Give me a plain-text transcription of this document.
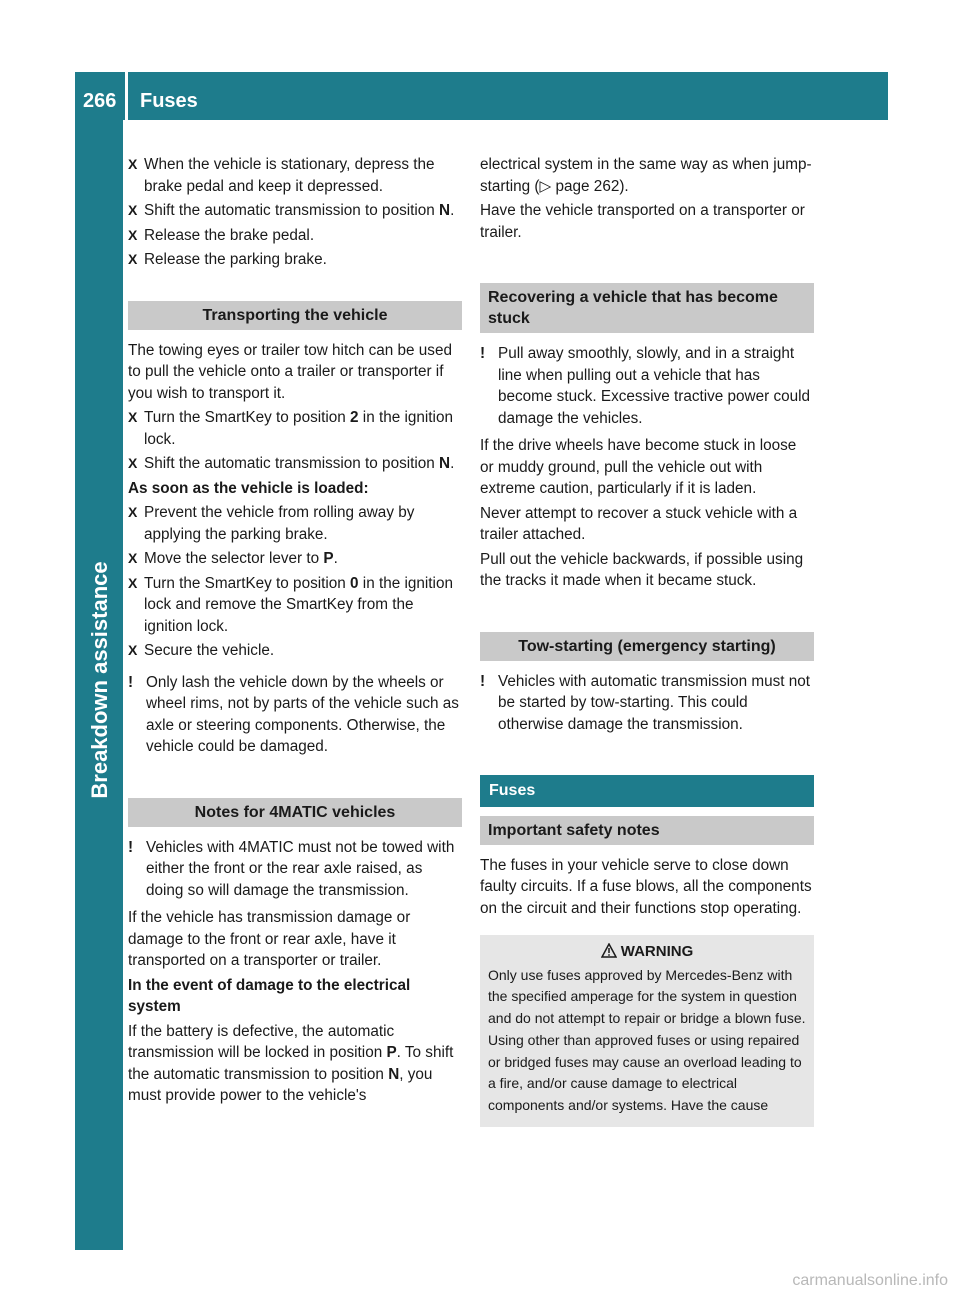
266 Fuses
Breakdown assistance
X When the vehicle is stationary, depress the brake pedal and keep it depressed.
X Shift the automatic transmission to position N.
X Release the brake pedal.
X Release the parking brake.
Transporting the vehicle

The towing eyes or trailer tow hitch can be used to pull the vehicle onto a trailer or transporter if you wish to transport it.

X Turn the SmartKey to position 2 in the ignition lock.
X Shift the automatic transmission to position N.

As soon as the vehicle is loaded:

X Prevent the vehicle from rolling away by applying the parking brake.
X Move the selector lever to P.
X Turn the SmartKey to position 0 in the ignition lock and remove the SmartKey from the ignition lock.
X Secure the vehicle.
! Only lash the vehicle down by the wheels or wheel rims, not by parts of the vehicle such as axle or steering components. Otherwise, the vehicle could be damaged.
Notes for 4MATIC vehicles
! Vehicles with 4MATIC must not be towed with either the front or the rear axle raised, as doing so will damage the transmission.

If the vehicle has transmission damage or damage to the front or rear axle, have it transported on a transporter or trailer.

In the event of damage to the electrical system

If the battery is defective, the automatic transmission will be locked in position P. To shift the automatic transmission to position N, you must provide power to the vehicle's

electrical system in the same way as when jump-starting (▷ page 262).

Have the vehicle transported on a transporter or trailer.

Recovering a vehicle that has become stuck
! Pull away smoothly, slowly, and in a straight line when pulling out a vehicle that has become stuck. Excessive tractive power could damage the vehicles.

If the drive wheels have become stuck in loose or muddy ground, pull the vehicle out with extreme caution, particularly if it is laden.

Never attempt to recover a stuck vehicle with a trailer attached.

Pull out the vehicle backwards, if possible using the tracks it made when it became stuck.

Tow-starting (emergency starting)
! Vehicles with automatic transmission must not be started by tow-starting. This could otherwise damage the transmission.
Fuses
Important safety notes

The fuses in your vehicle serve to close down faulty circuits. If a fuse blows, all the components on the circuit and their functions stop operating.

WARNING
Only use fuses approved by Mercedes-Benz with the specified amperage for the system in question and do not attempt to repair or bridge a blown fuse. Using other than approved fuses or using repaired or bridged fuses may cause an overload leading to a fire, and/or cause damage to electrical components and/or systems. Have the cause
carmanualsonline.info
